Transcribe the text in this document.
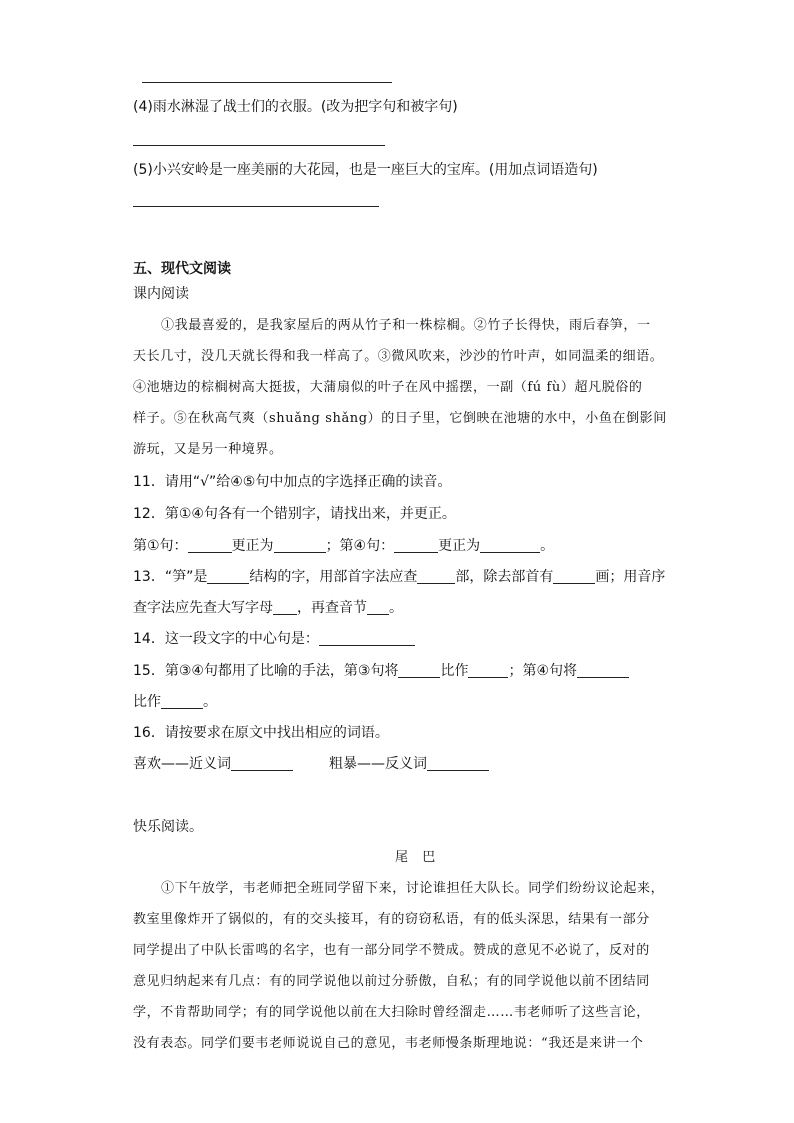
(4)雨水淋湿了战士们的衣服。(改为把字句和被字句)
(5)小兴安岭是一座美丽的大花园，也是一座巨大的宝库。(用加点词语造句)
五、现代文阅读
课内阅读
①我最喜爱的，是我家屋后的两从竹子和一株棕榈。②竹子长得快，雨后春笋，一
天长几寸，没几天就长得和我一样高了。③微风吹来，沙沙的竹叶声，如同温柔的细语。
④池塘边的棕榈树高大挺拔，大蒲扇似的叶子在风中摇摆，一副（fú fù）超凡脱俗的
样子。⑤在秋高气爽（shuǎng shǎng）的日子里，它倒映在池塘的水中，小鱼在倒影间
游玩，又是另一种境界。
11．请用“√”给④⑤句中加点的字选择正确的读音。
12．第①④句各有一个错别字，请找出来，并更正。
第①句：	更正为	；第④句：	更正为	。
13．“笋”是	结构的字，用部首字法应查	部，除去部首有	画；用音序
查字法应先查大写字母 ，再查音节 。
14．这一段文字的中心句是：
15．第③④句都用了比喻的手法，第③句将	比作	；第④句将
比作	。
16．请按要求在原文中找出相应的词语。
喜欢——近义词	粗暴——反义词
快乐阅读。
尾　巴
①下午放学，韦老师把全班同学留下来，讨论谁担任大队长。同学们纷纷议论起来，
教室里像炸开了锅似的，有的交头接耳，有的窃窃私语，有的低头深思，结果有一部分
同学提出了中队长雷鸣的名字，也有一部分同学不赞成。赞成的意见不必说了，反对的
意见归纳起来有几点：有的同学说他以前过分骄傲，自私；有的同学说他以前不团结同
学，不肯帮助同学；有的同学说他以前在大扫除时曾经溜走……韦老师听了这些言论，
没有表态。同学们要韦老师说说自己的意见，韦老师慢条斯理地说：“我还是来讲一个
